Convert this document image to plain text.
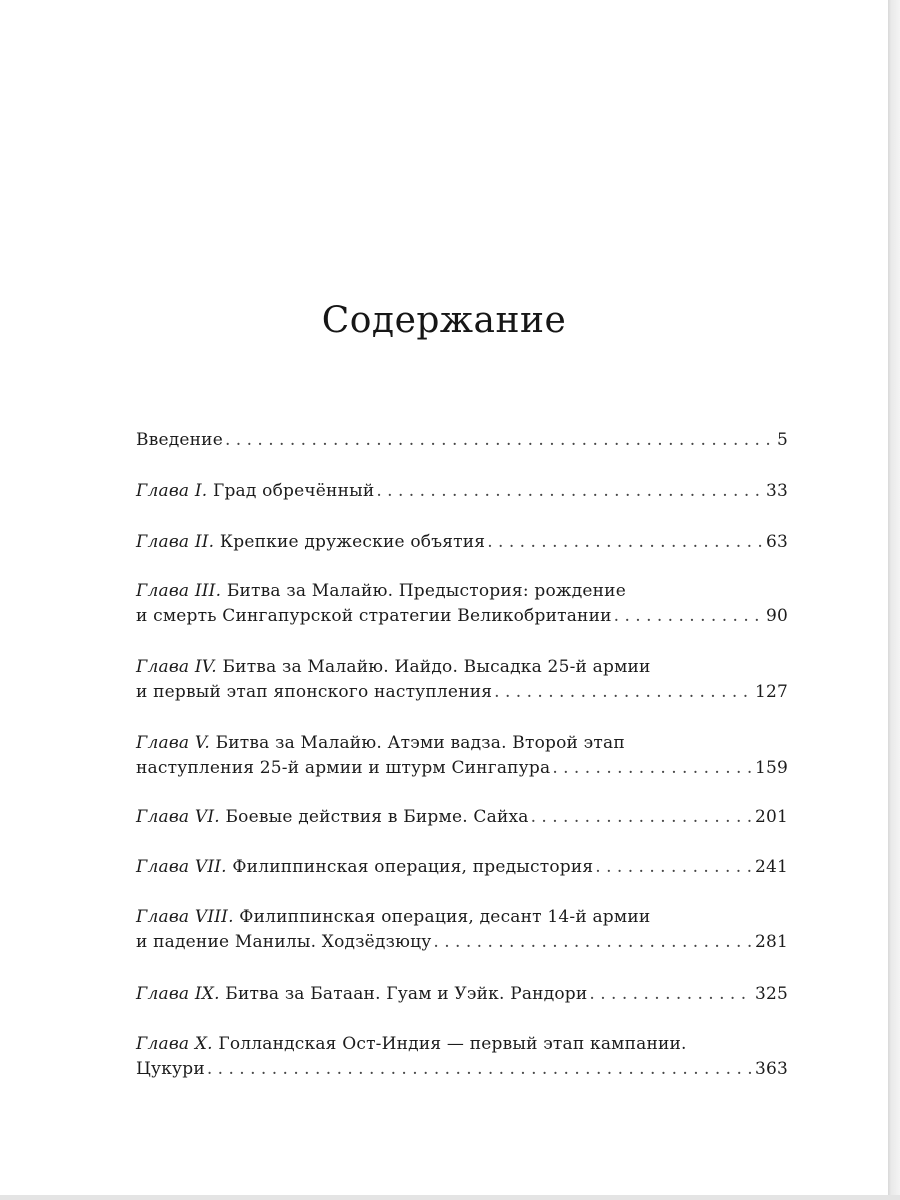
Содержание
Введение . . .	5
Глава I. Град обречённый . . .	33
Глава II. Крепкие дружеские объятия . . .	63
Глава III. Битва за Малайю. Предыстория: рождение
и смерть Сингапурской стратегии Великобритании . . .	90
Глава IV. Битва за Малайю. Иайдо. Высадка 25-й армии
и первый этап японского наступления . . .	127
Глава V. Битва за Малайю. Атэми вадза. Второй этап
наступления 25-й армии и штурм Сингапура . . .	159
Глава VI. Боевые действия в Бирме. Сайха . . .	201
Глава VII. Филиппинская операция, предыстория . . .	241
Глава VIII. Филиппинская операция, десант 14-й армии
и падение Манилы. Ходзёдзюцу . . .	281
Глава IX. Битва за Батаан. Гуам и Уэйк. Рандори . . .	325
Глава X. Голландская Ост-Индия — первый этап кампании.
Цукури . . .	363
